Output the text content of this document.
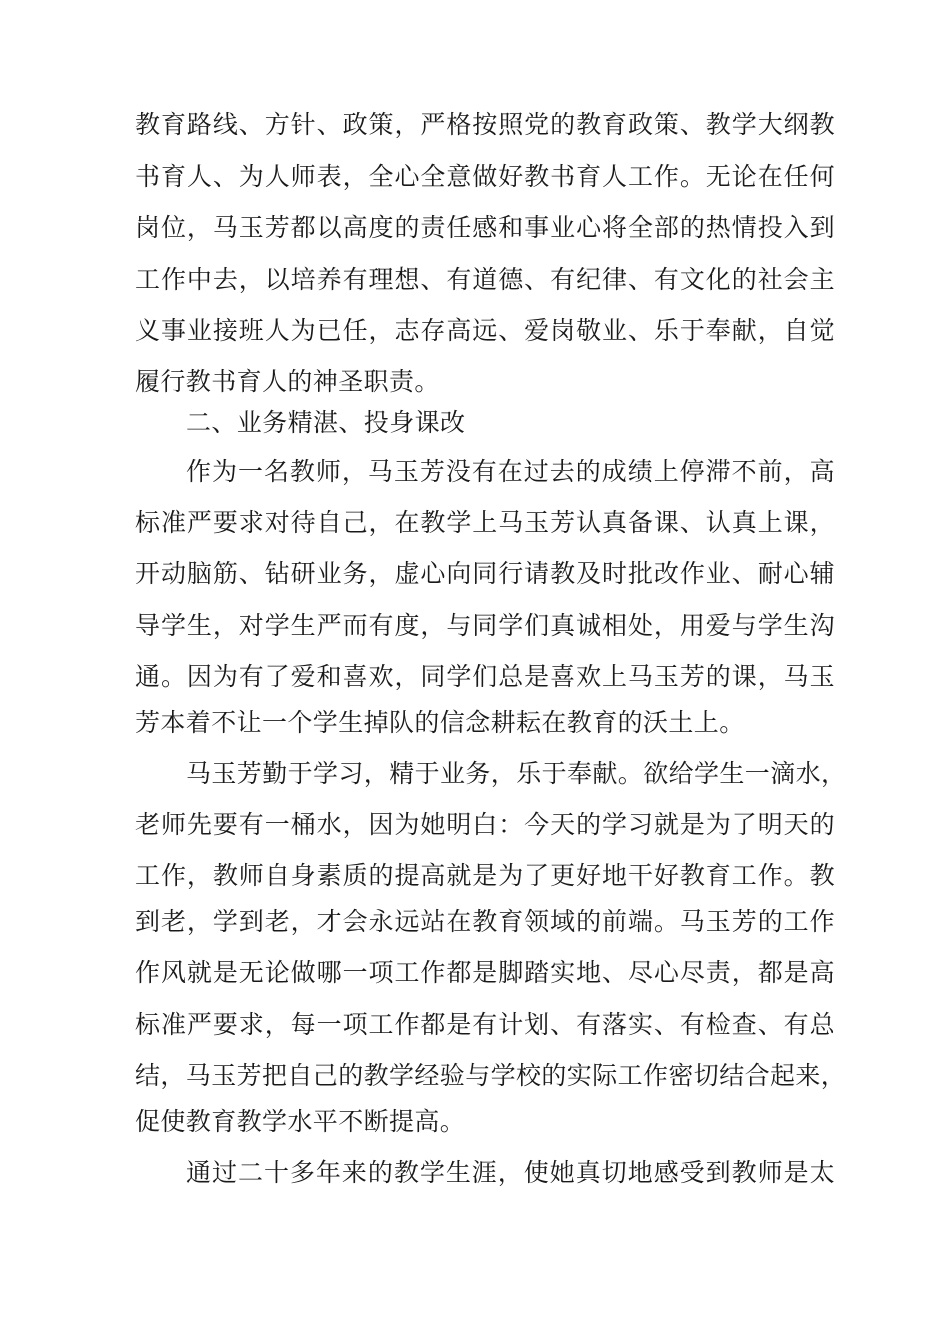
教育路线、方针、政策，严格按照党的教育政策、教学大纲教
书育人、为人师表，全心全意做好教书育人工作。无论在任何
岗位，马玉芳都以高度的责任感和事业心将全部的热情投入到
工作中去，以培养有理想、有道德、有纪律、有文化的社会主
义事业接班人为已任，志存高远、爱岗敬业、乐于奉献，自觉
履行教书育人的神圣职责。
二、业务精湛、投身课改
作为一名教师，马玉芳没有在过去的成绩上停滞不前，高
标准严要求对待自己，在教学上马玉芳认真备课、认真上课，
开动脑筋、钻研业务，虚心向同行请教及时批改作业、耐心辅
导学生，对学生严而有度，与同学们真诚相处，用爱与学生沟
通。因为有了爱和喜欢，同学们总是喜欢上马玉芳的课，马玉
芳本着不让一个学生掉队的信念耕耘在教育的沃土上。
马玉芳勤于学习，精于业务，乐于奉献。欲给学生一滴水，
老师先要有一桶水，因为她明白：今天的学习就是为了明天的
工作，教师自身素质的提高就是为了更好地干好教育工作。教
到老，学到老，才会永远站在教育领域的前端。马玉芳的工作
作风就是无论做哪一项工作都是脚踏实地、尽心尽责，都是高
标准严要求，每一项工作都是有计划、有落实、有检查、有总
结，马玉芳把自己的教学经验与学校的实际工作密切结合起来，
促使教育教学水平不断提高。
通过二十多年来的教学生涯，使她真切地感受到教师是太
